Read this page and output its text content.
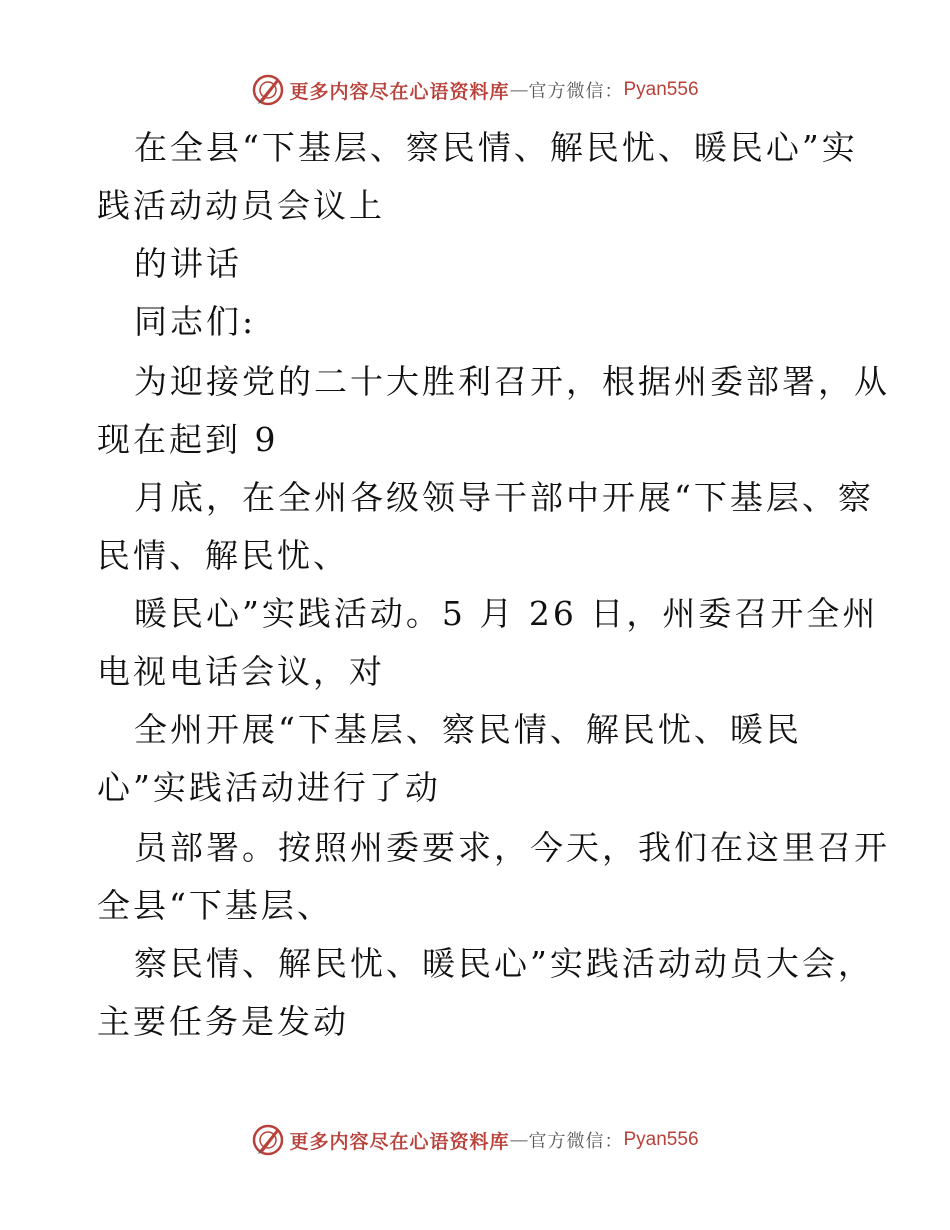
更多内容尽在心语资料库 — 官方微信： Pyan556
在全县“下基层、察民情、解民忧、暖民心”实
践活动动员会议上
的讲话
同志们:
为迎接党的二十大胜利召开，根据州委部署，从
现在起到 9
月底，在全州各级领导干部中开展“下基层、察
民情、解民忧、
暖民心”实践活动。5 月 26 日，州委召开全州
电视电话会议，对
全州开展“下基层、察民情、解民忧、暖民
心”实践活动进行了动
员部署。按照州委要求，今天，我们在这里召开
全县“下基层、
察民情、解民忧、暖民心”实践活动动员大会，
主要任务是发动
更多内容尽在心语资料库 — 官方微信： Pyan556
